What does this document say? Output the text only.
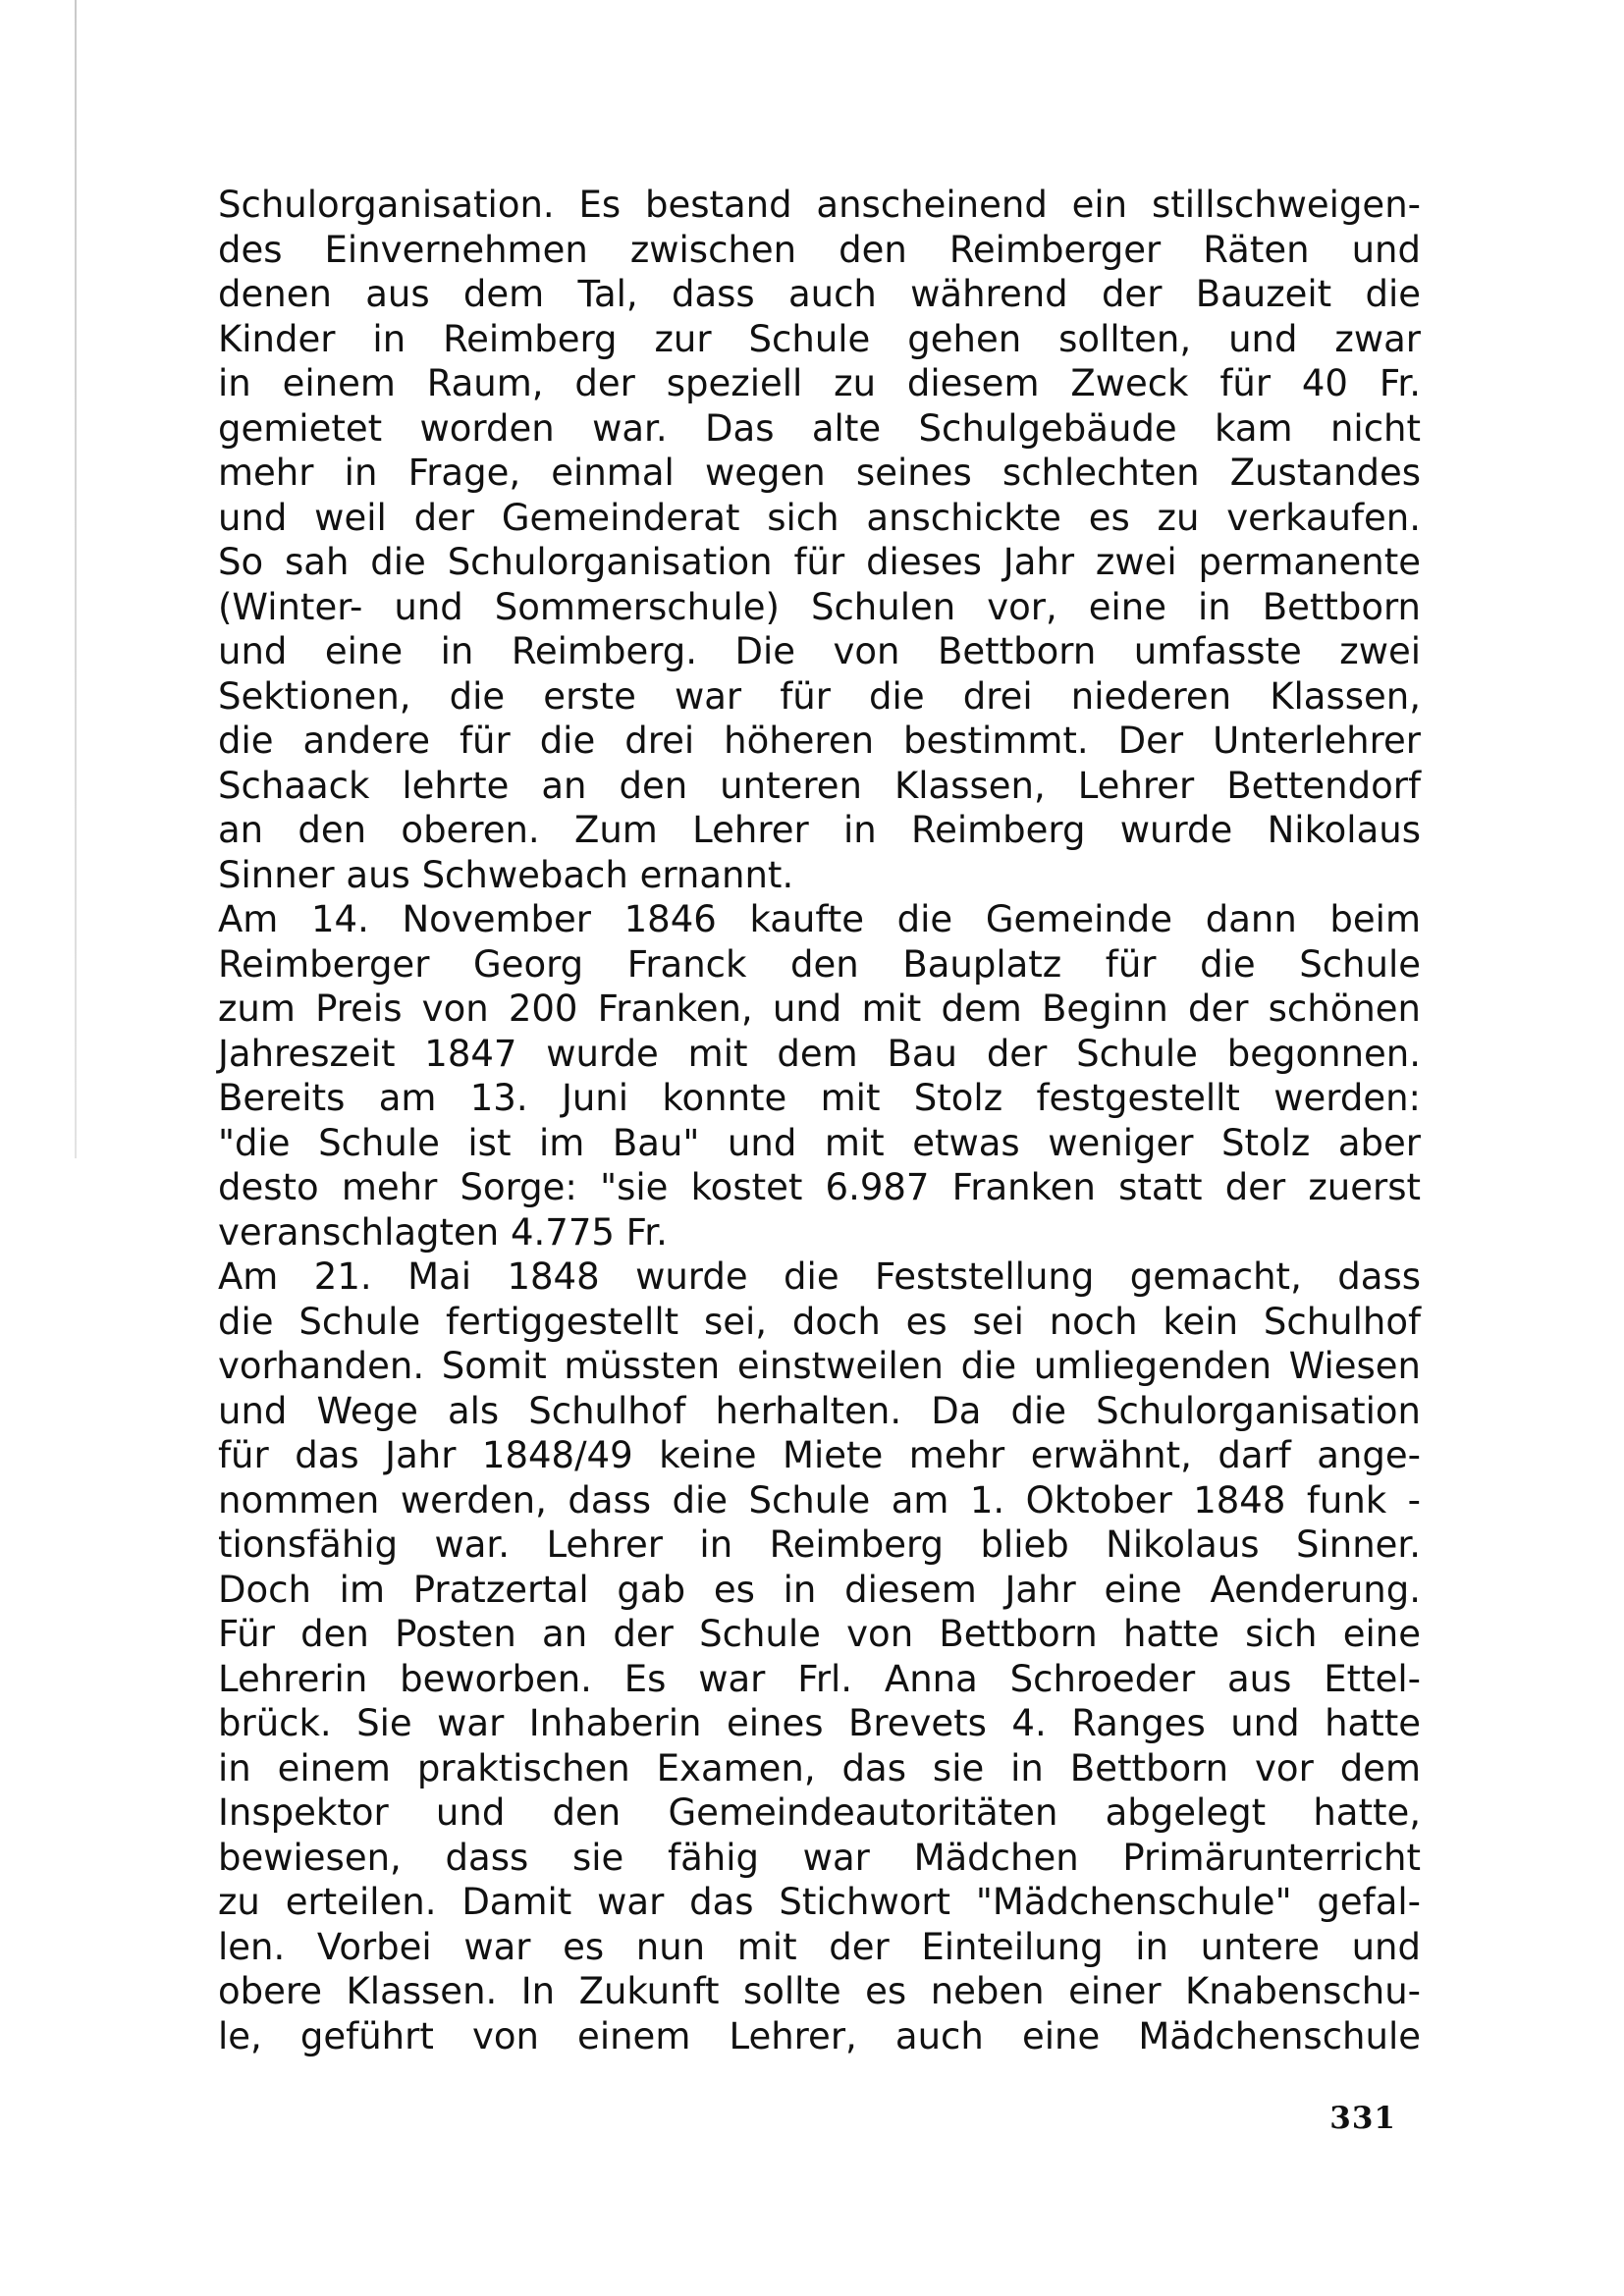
Schulorganisation. Es bestand anscheinend ein stillschweigen-
des Einvernehmen zwischen den Reimberger Räten und
denen aus dem Tal, dass auch während der Bauzeit die
Kinder in Reimberg zur Schule gehen sollten, und zwar
in einem Raum, der speziell zu diesem Zweck für 40 Fr.
gemietet worden war. Das alte Schulgebäude kam nicht
mehr in Frage, einmal wegen seines schlechten Zustandes
und weil der Gemeinderat sich anschickte es zu verkaufen.
So sah die Schulorganisation für dieses Jahr zwei permanente
(Winter- und Sommerschule) Schulen vor, eine in Bettborn
und eine in Reimberg. Die von Bettborn umfasste zwei
Sektionen, die erste war für die drei niederen Klassen,
die andere für die drei höheren bestimmt. Der Unterlehrer
Schaack lehrte an den unteren Klassen, Lehrer Bettendorf
an den oberen. Zum Lehrer in Reimberg wurde Nikolaus
Sinner aus Schwebach ernannt.
Am 14. November 1846 kaufte die Gemeinde dann beim
Reimberger Georg Franck den Bauplatz für die Schule
zum Preis von 200 Franken, und mit dem Beginn der schönen
Jahreszeit 1847 wurde mit dem Bau der Schule begonnen.
Bereits am 13. Juni konnte mit Stolz festgestellt werden:
"die Schule ist im Bau" und mit etwas weniger Stolz aber
desto mehr Sorge: "sie kostet 6.987 Franken statt der zuerst
veranschlagten 4.775 Fr.
Am 21. Mai 1848 wurde die Feststellung gemacht, dass
die Schule fertiggestellt sei, doch es sei noch kein Schulhof
vorhanden. Somit müssten einstweilen die umliegenden Wiesen
und Wege als Schulhof herhalten. Da die Schulorganisation
für das Jahr 1848/49 keine Miete mehr erwähnt, darf ange-
nommen werden, dass die Schule am 1. Oktober 1848 funk -
tionsfähig war. Lehrer in Reimberg blieb Nikolaus Sinner.
Doch im Pratzertal gab es in diesem Jahr eine Aenderung.
Für den Posten an der Schule von Bettborn hatte sich eine
Lehrerin beworben. Es war Frl. Anna Schroeder aus Ettel-
brück. Sie war Inhaberin eines Brevets 4. Ranges und hatte
in einem praktischen Examen, das sie in Bettborn vor dem
Inspektor und den Gemeindeautoritäten abgelegt hatte,
bewiesen, dass sie fähig war Mädchen Primärunterricht
zu erteilen. Damit war das Stichwort "Mädchenschule" gefal-
len. Vorbei war es nun mit der Einteilung in untere und
obere Klassen. In Zukunft sollte es neben einer Knabenschu-
le, geführt von einem Lehrer, auch eine Mädchenschule
331
